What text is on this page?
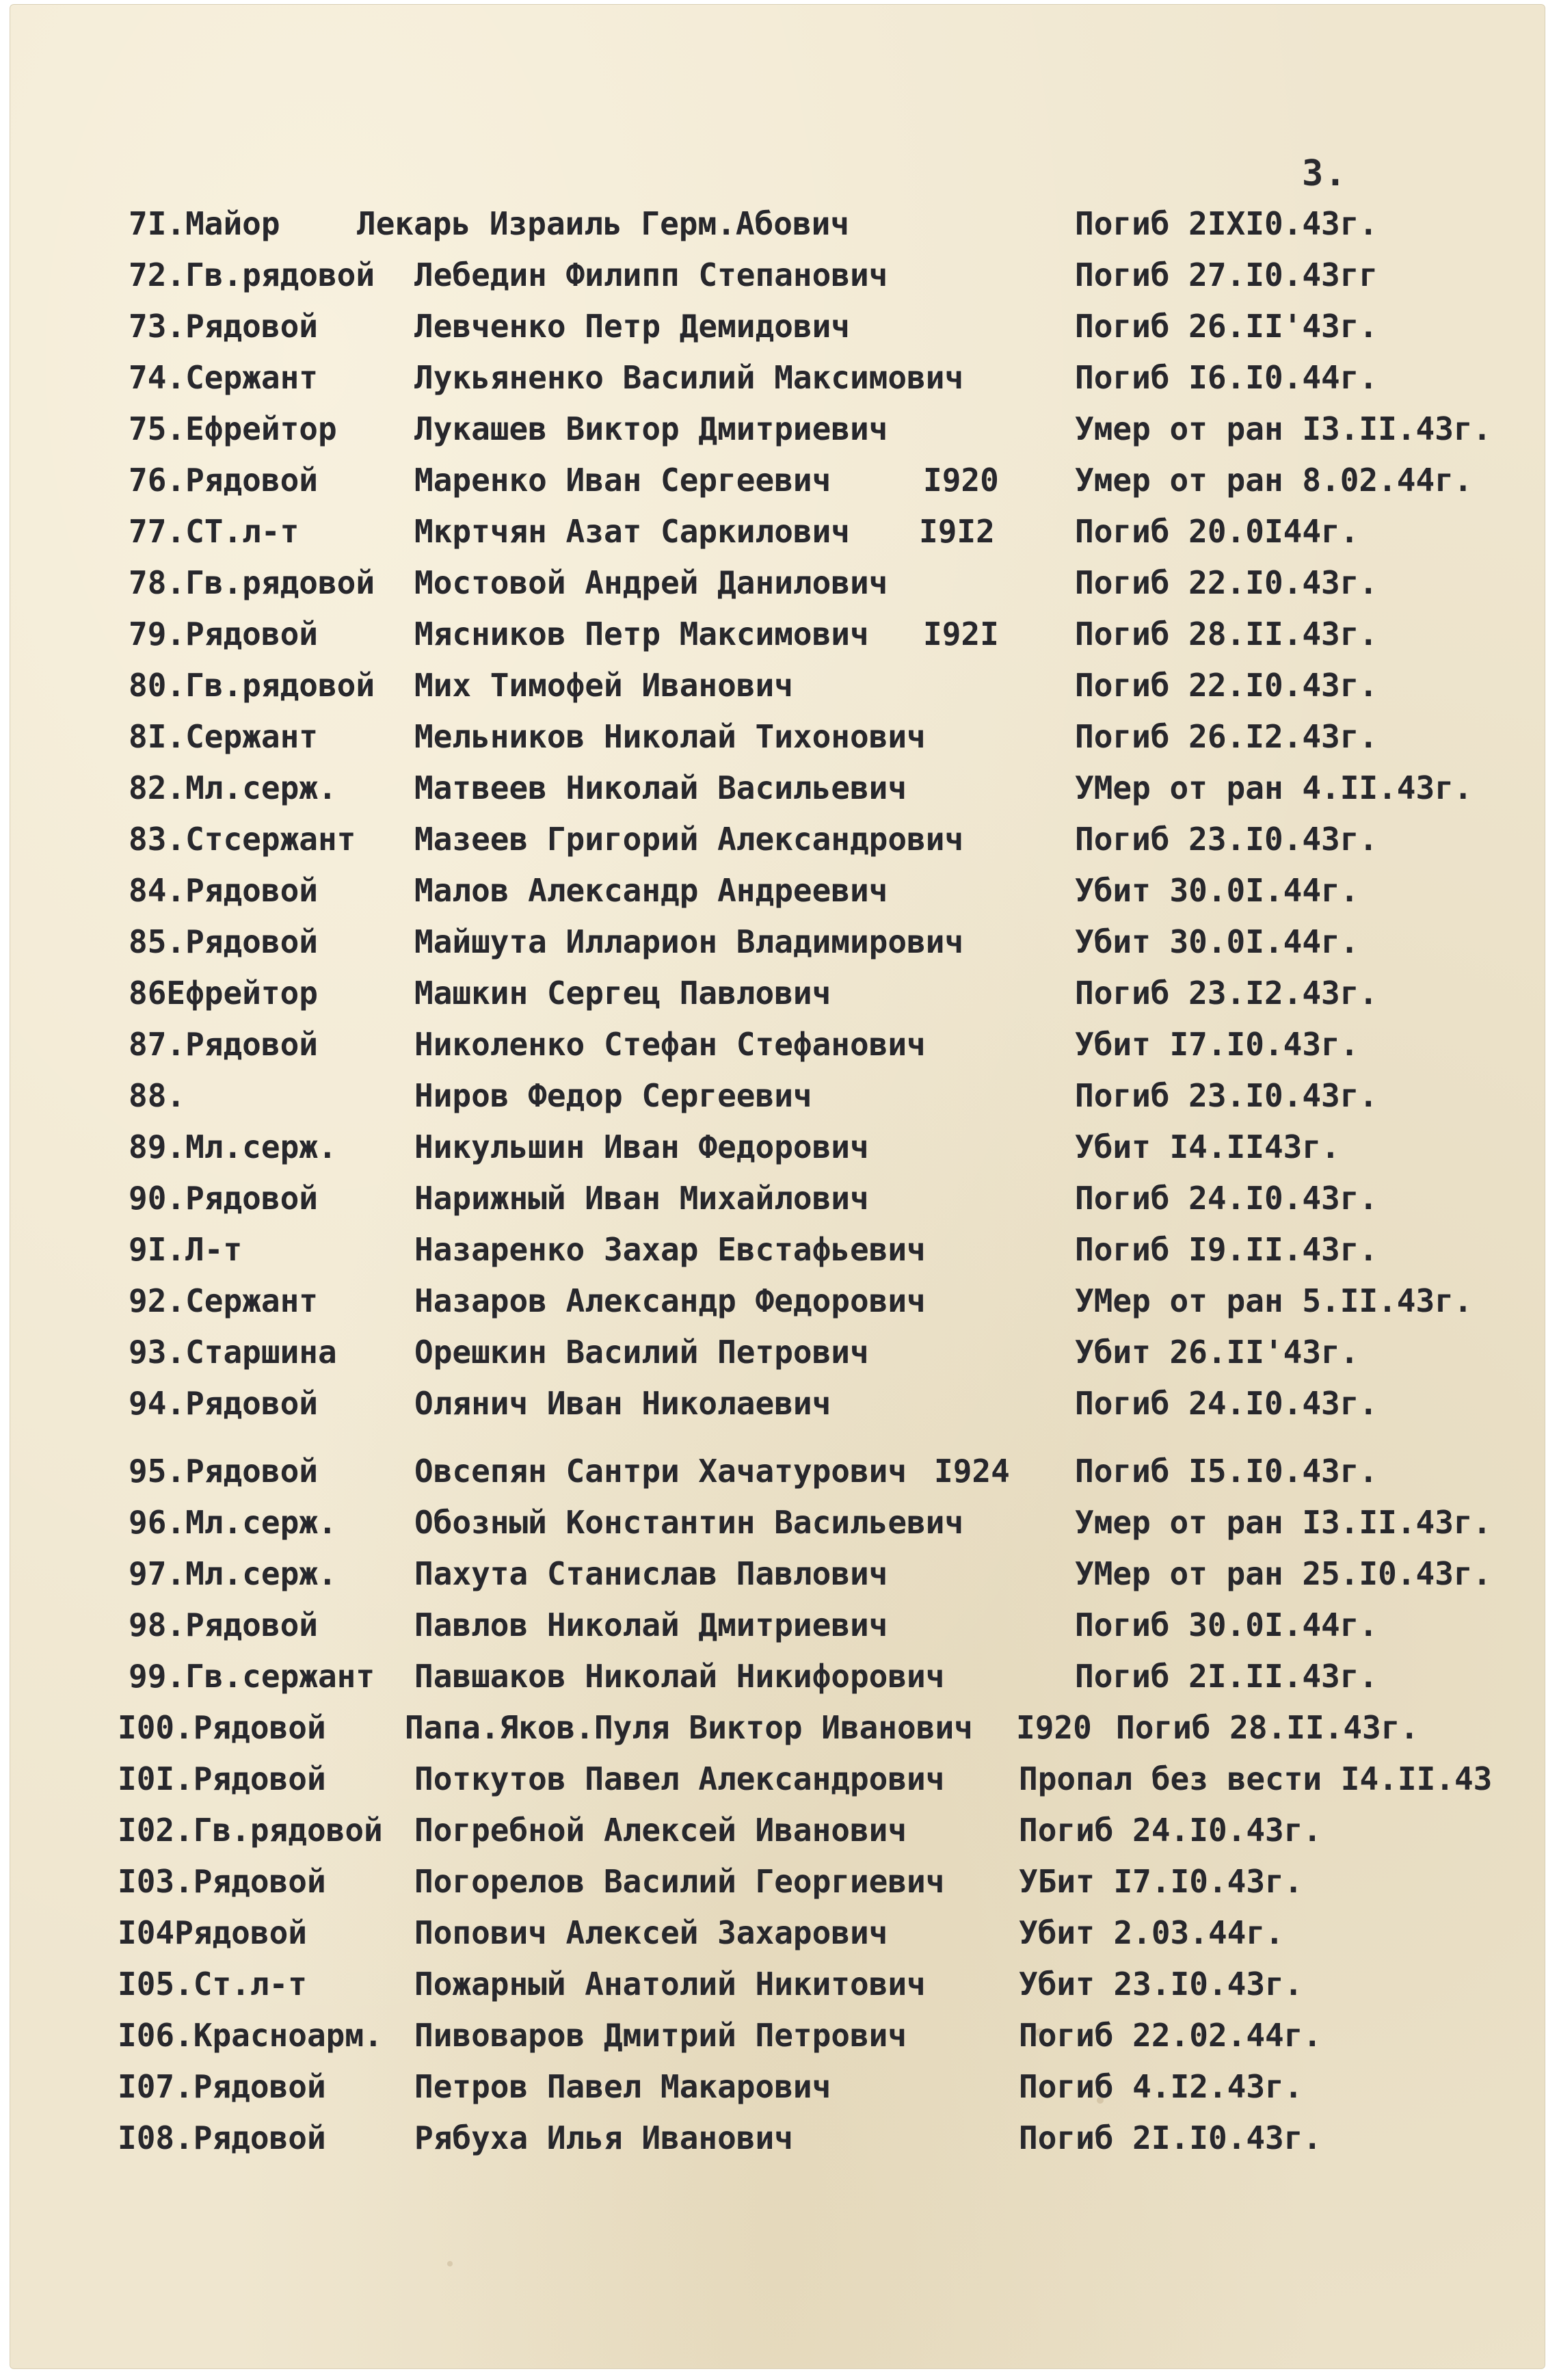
3.
7I.Майор Лекарь Израиль Герм.Абович	Погиб 2IXI0.43г.
72.Гв.рядовой Лебедин Филипп Степанович	Погиб 27.I0.43гг
73.Рядовой	Левченко Петр Демидович	Погиб 26.II'43г.
74.Сержант	Лукьяненко Василий Максимович	Погиб I6.I0.44г.
75.Ефрейтор Лукашев Виктор Дмитриевич	Умер от ран I3.II.43г.
76.Рядовой	Маренко Иван Сергеевич	I920 Умер от ран 8.02.44г.
77.СТ.л-т	Мкртчян Азат Саркилович I9I2	Погиб 20.0I44г.
78.Гв.рядовой Мостовой Андрей Данилович	Погиб 22.I0.43г.
79.Рядовой	Мясников Петр Максимович I92I Погиб 28.II.43г.
80.Гв.рядовой Мих Тимофей Иванович	Погиб 22.I0.43г.
8I.Сержант	Мельников Николай Тихонович	Погиб 26.I2.43г.
82.Мл.серж. Матвеев Николай Васильевич	УМер от ран 4.II.43г.
83.Стсержант Мазеев Григорий Александрович	Погиб 23.I0.43г.
84.Рядовой	Малов Александр Андреевич	Убит 30.0I.44г.
85.Рядовой	Майшута Илларион Владимирович	Убит 30.0I.44г.
86Ефрейтор	Машкин Сергец Павлович	Погиб 23.I2.43г.
87.Рядовой	Николенко Стефан Стефанович	Убит I7.I0.43г.
88.	Ниров Федор Сергеевич	Погиб 23.I0.43г.
89.Мл.серж. Никульшин Иван Федорович	Убит I4.II43г.
90.Рядовой	Нарижный Иван Михайлович	Погиб 24.I0.43г.
9I.Л-т	Назаренко Захар Евстафьевич	Погиб I9.II.43г.
92.Сержант	Назаров Александр Федорович	УМер от ран 5.II.43г.
93.Старшина Орешкин Василий Петрович	Убит 26.II'43г.
94.Рядовой	Олянич Иван Николаевич	Погиб 24.I0.43г.
95.Рядовой	Овсепян Сантри Хачатурович I924 Погиб I5.I0.43г.
96.Мл.серж. Обозный Константин Васильевич	Умер от ран I3.II.43г.
97.Мл.серж. Пахута Станислав Павлович	УМер от ран 25.I0.43г.
98.Рядовой	Павлов Николай Дмитриевич	Погиб 30.0I.44г.
99.Гв.сержант Павшаков Николай Никифорович	Погиб 2I.II.43г.
I00.Рядовой	Папа.Яков.Пуля Виктор Иванович I920 Погиб 28.II.43г.
I0I.Рядовой	Поткутов Павел Александрович Пропал без вести I4.II.43
I02.Гв.рядовой Погребной Алексей Иванович	Погиб 24.I0.43г.
I03.Рядовой	Погорелов Василий Георгиевич УБит I7.I0.43г.
I04Рядовой	Попович Алексей Захарович	Убит 2.03.44г.
I05.Ст.л-т	Пожарный Анатолий Никитович	Убит 23.I0.43г.
I06.Красноарм. Пивоваров Дмитрий Петрович	Погиб 22.02.44г.
I07.Рядовой	Петров Павел Макарович	Погиб 4.I2.43г.
I08.Рядовой	Рябуха Илья Иванович	Погиб 2I.I0.43г.
